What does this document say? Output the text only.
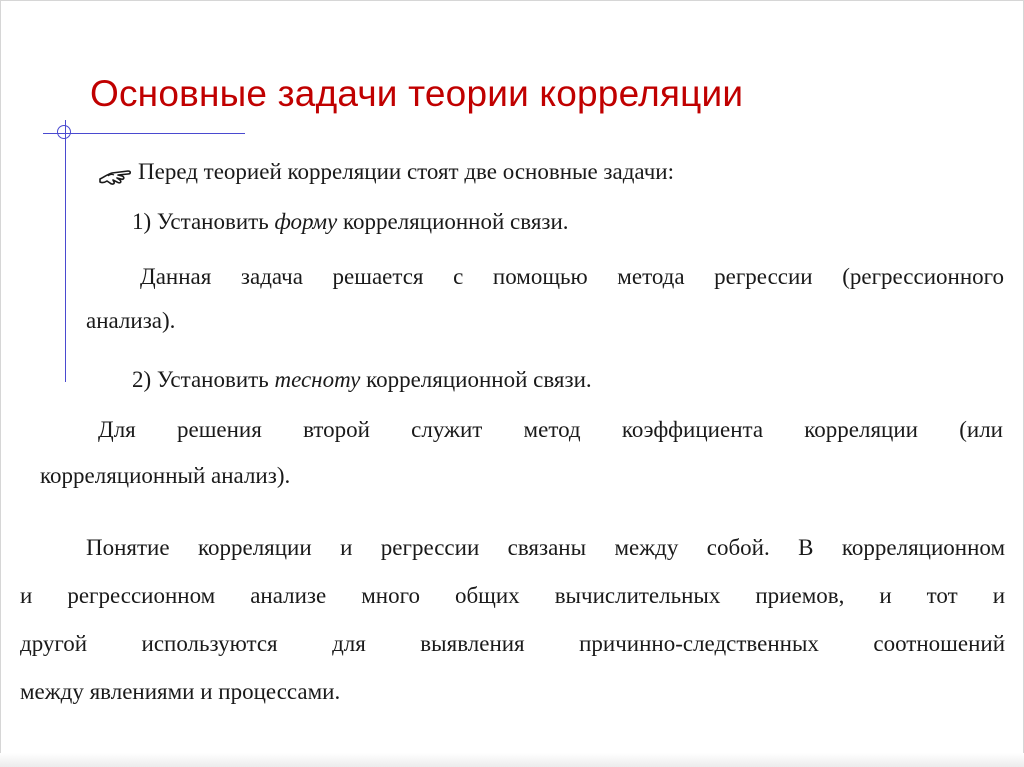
Основные задачи теории корреляции
Перед теорией корреляции стоят две основные задачи:
1) Установить форму корреляционной связи.
Данная задача решается с помощью метода регрессии (регрессионного
анализа).
2) Установить тесноту корреляционной связи.
Для решения второй служит метод коэффициента корреляции (или
корреляционный анализ).
Понятие корреляции и регрессии связаны между собой. В корреляционном
и регрессионном анализе много общих вычислительных приемов, и тот и
другой используются для выявления причинно-следственных соотношений
между явлениями и процессами.
